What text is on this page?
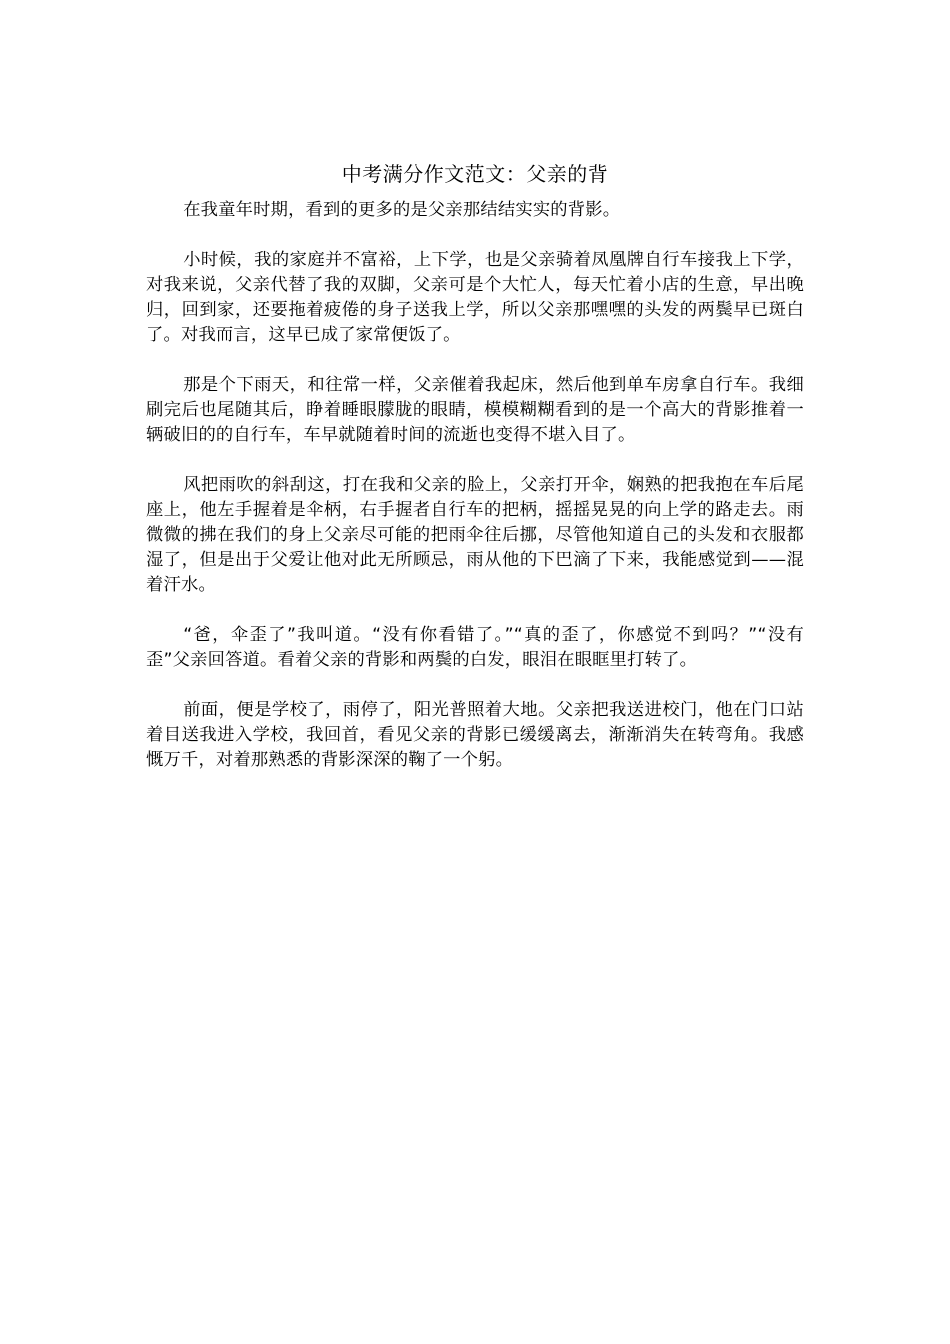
中考满分作文范文：父亲的背

在我童年时期，看到的更多的是父亲那结结实实的背影。

小时候，我的家庭并不富裕，上下学，也是父亲骑着凤凰牌自行车接我上下学，对我来说，父亲代替了我的双脚，父亲可是个大忙人，每天忙着小店的生意，早出晚归，回到家，还要拖着疲倦的身子送我上学，所以父亲那嘿嘿的头发的两鬓早已斑白了。对我而言，这早已成了家常便饭了。

那是个下雨天，和往常一样，父亲催着我起床，然后他到单车房拿自行车。我细刷完后也尾随其后，睁着睡眼朦胧的眼睛，模模糊糊看到的是一个高大的背影推着一辆破旧的的自行车，车早就随着时间的流逝也变得不堪入目了。

风把雨吹的斜刮这，打在我和父亲的脸上，父亲打开伞，娴熟的把我抱在车后尾座上，他左手握着是伞柄，右手握者自行车的把柄，摇摇晃晃的向上学的路走去。雨微微的拂在我们的身上父亲尽可能的把雨伞往后挪，尽管他知道自己的头发和衣服都湿了，但是出于父爱让他对此无所顾忌，雨从他的下巴滴了下来，我能感觉到——混着汗水。

“爸，伞歪了”我叫道。“没有你看错了。”“真的歪了，你感觉不到吗？”“没有歪”父亲回答道。看着父亲的背影和两鬓的白发，眼泪在眼眶里打转了。

前面，便是学校了，雨停了，阳光普照着大地。父亲把我送进校门，他在门口站着目送我进入学校，我回首，看见父亲的背影已缓缓离去，渐渐消失在转弯角。我感慨万千，对着那熟悉的背影深深的鞠了一个躬。
